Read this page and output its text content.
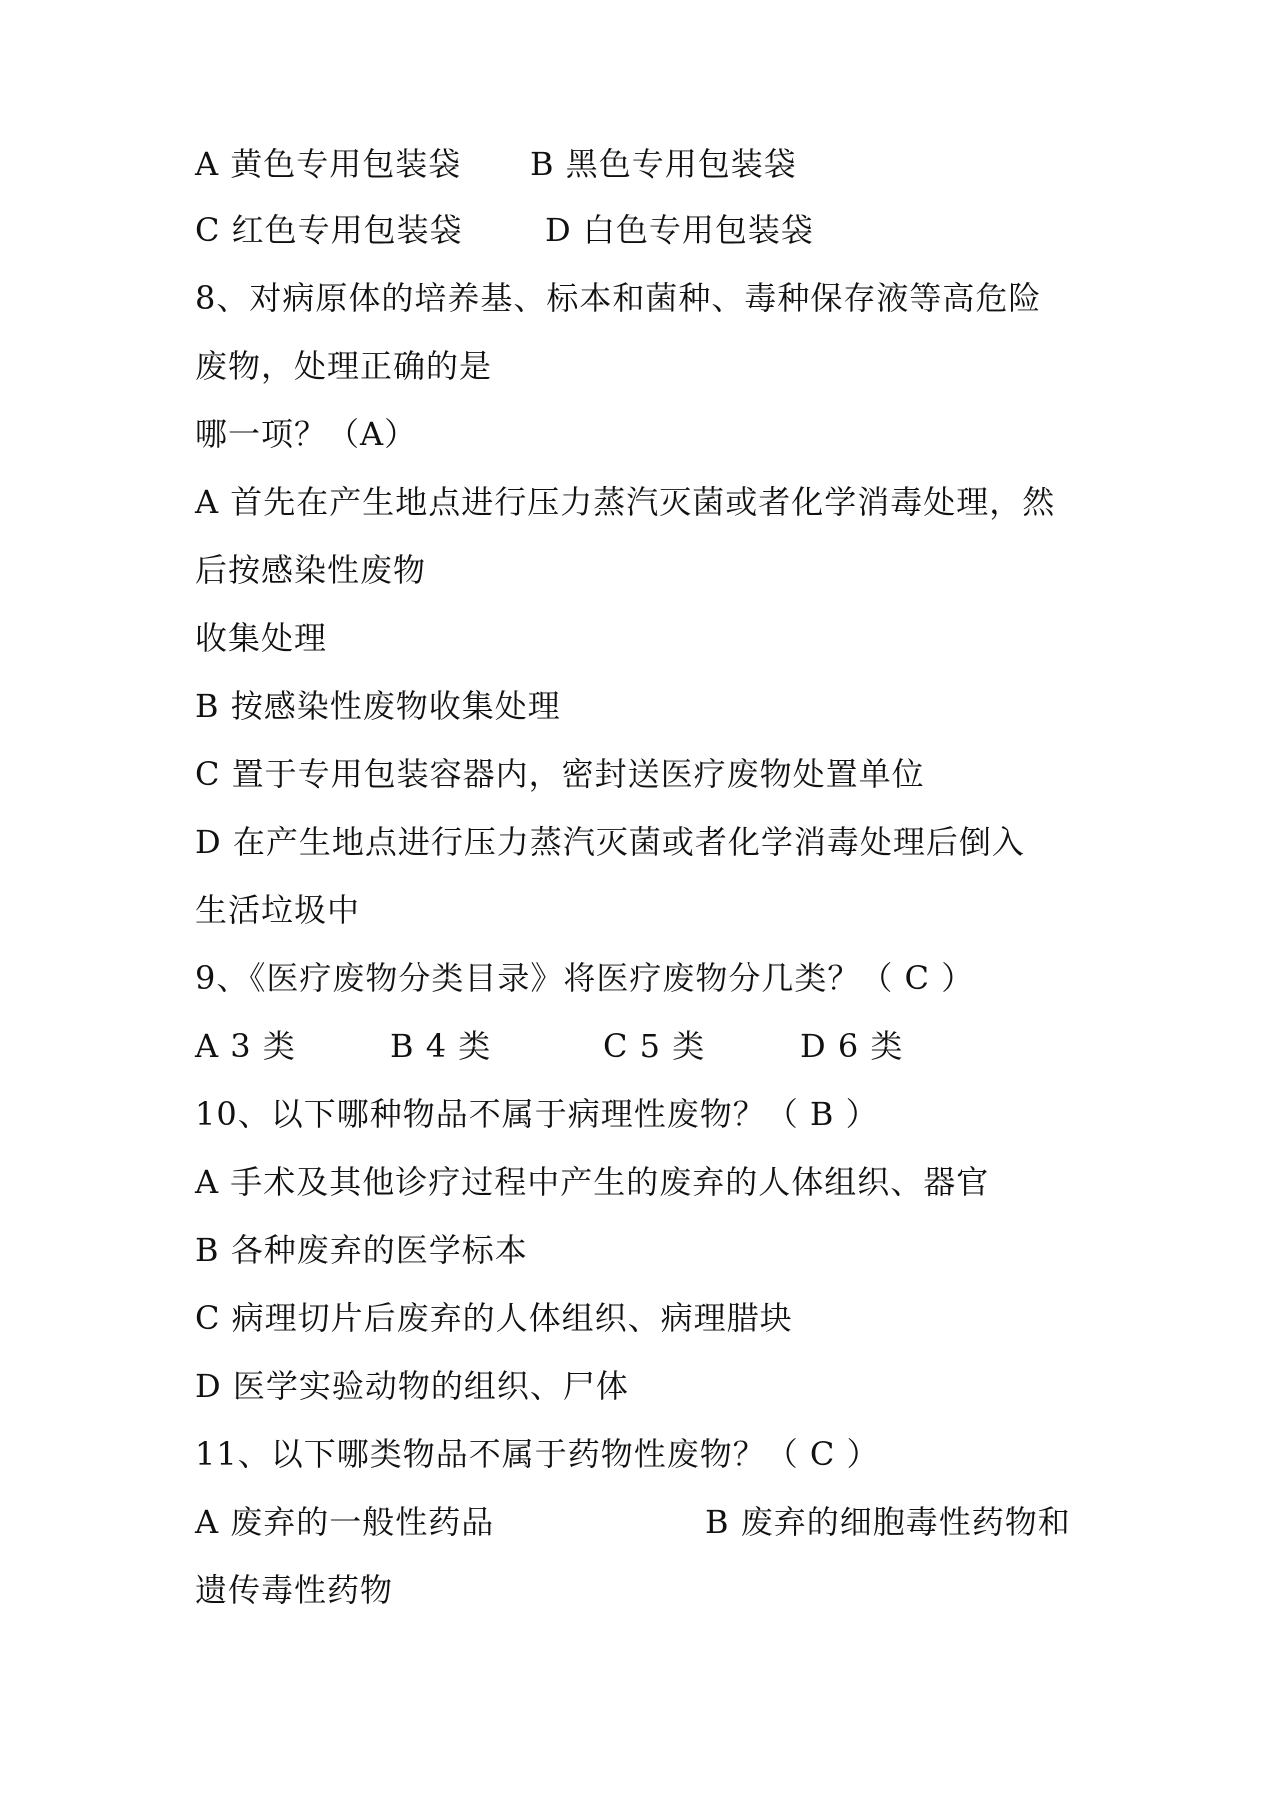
A 黄色专用包装袋 B 黑色专用包装袋
C 红色专用包装袋	D 白色专用包装袋
8、对病原体的培养基、标本和菌种、毒种保存液等高危险
废物，处理正确的是
哪一项？（A）
A 首先在产生地点进行压力蒸汽灭菌或者化学消毒处理，然
后按感染性废物
收集处理
B 按感染性废物收集处理
C 置于专用包装容器内，密封送医疗废物处置单位
D 在产生地点进行压力蒸汽灭菌或者化学消毒处理后倒入
生活垃圾中
9、《医疗废物分类目录》将医疗废物分几类？（ C ）
A 3 类	B 4 类	C 5 类	D 6 类
10、以下哪种物品不属于病理性废物？（ B ）
A 手术及其他诊疗过程中产生的废弃的人体组织、器官
B 各种废弃的医学标本
C 病理切片后废弃的人体组织、病理腊块
D 医学实验动物的组织、尸体
11、以下哪类物品不属于药物性废物？（ C ）
A 废弃的一般性药品	B 废弃的细胞毒性药物和
遗传毒性药物
